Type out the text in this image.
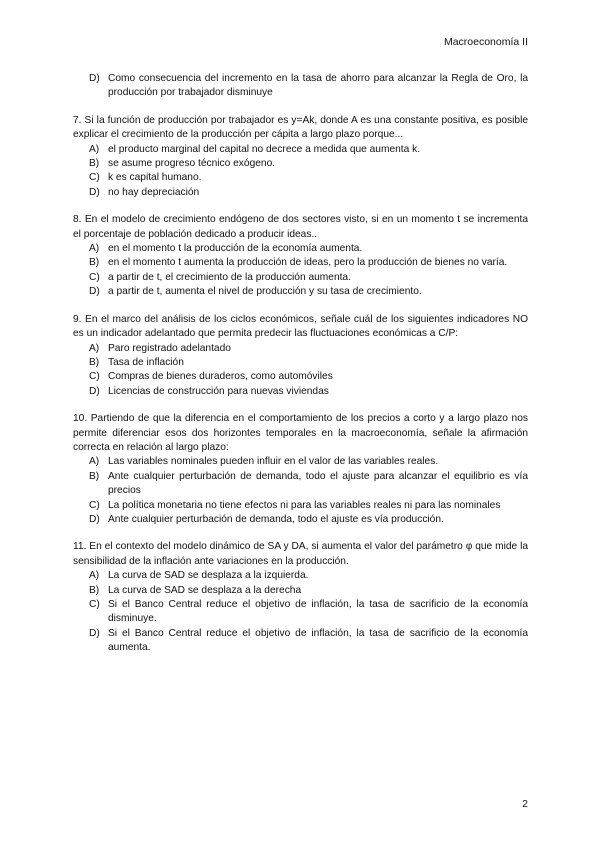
Macroeconomía II
D) Como consecuencia del incremento en la tasa de ahorro para alcanzar la Regla de Oro, la producción por trabajador disminuye
7. Si la función de producción por trabajador es y=Ak, donde A es una constante positiva, es posible explicar el crecimiento de la producción per cápita a largo plazo porque...
A) el producto marginal del capital no decrece a medida que aumenta k.
B) se asume progreso técnico exógeno.
C) k es capital humano.
D) no hay depreciación
8. En el modelo de crecimiento endógeno de dos sectores visto, si en un momento t se incrementa el porcentaje de población dedicado a producir ideas..
A) en el momento t la producción de la economía aumenta.
B) en el momento t aumenta la producción de ideas, pero la producción de bienes no varía.
C) a partir de t, el crecimiento de la producción aumenta.
D) a partir de t, aumenta el nivel de producción y su tasa de crecimiento.
9. En el marco del análisis de los ciclos económicos, señale cuál de los siguientes indicadores NO es un indicador adelantado que permita predecir las fluctuaciones económicas a C/P:
A) Paro registrado adelantado
B) Tasa de inflación
C) Compras de bienes duraderos, como automóviles
D) Licencias de construcción para nuevas viviendas
10. Partiendo de que la diferencia en el comportamiento de los precios a corto y a largo plazo nos permite diferenciar esos dos horizontes temporales en la macroeconomía, señale la afirmación correcta en relación al largo plazo:
A) Las variables nominales pueden influir en el valor de las variables reales.
B) Ante cualquier perturbación de demanda, todo el ajuste para alcanzar el equilibrio es vía precios
C) La política monetaria no tiene efectos ni para las variables reales ni para las nominales
D) Ante cualquier perturbación de demanda, todo el ajuste es vía producción.
11. En el contexto del modelo dinámico de SA y DA, si aumenta el valor del parámetro φ que mide la sensibilidad de la inflación ante variaciones en la producción.
A) La curva de SAD se desplaza a la izquierda.
B) La curva de SAD se desplaza a la derecha
C) Si el Banco Central reduce el objetivo de inflación, la tasa de sacrificio de la economía disminuye.
D) Si el Banco Central reduce el objetivo de inflación, la tasa de sacrificio de la economía aumenta.
2
